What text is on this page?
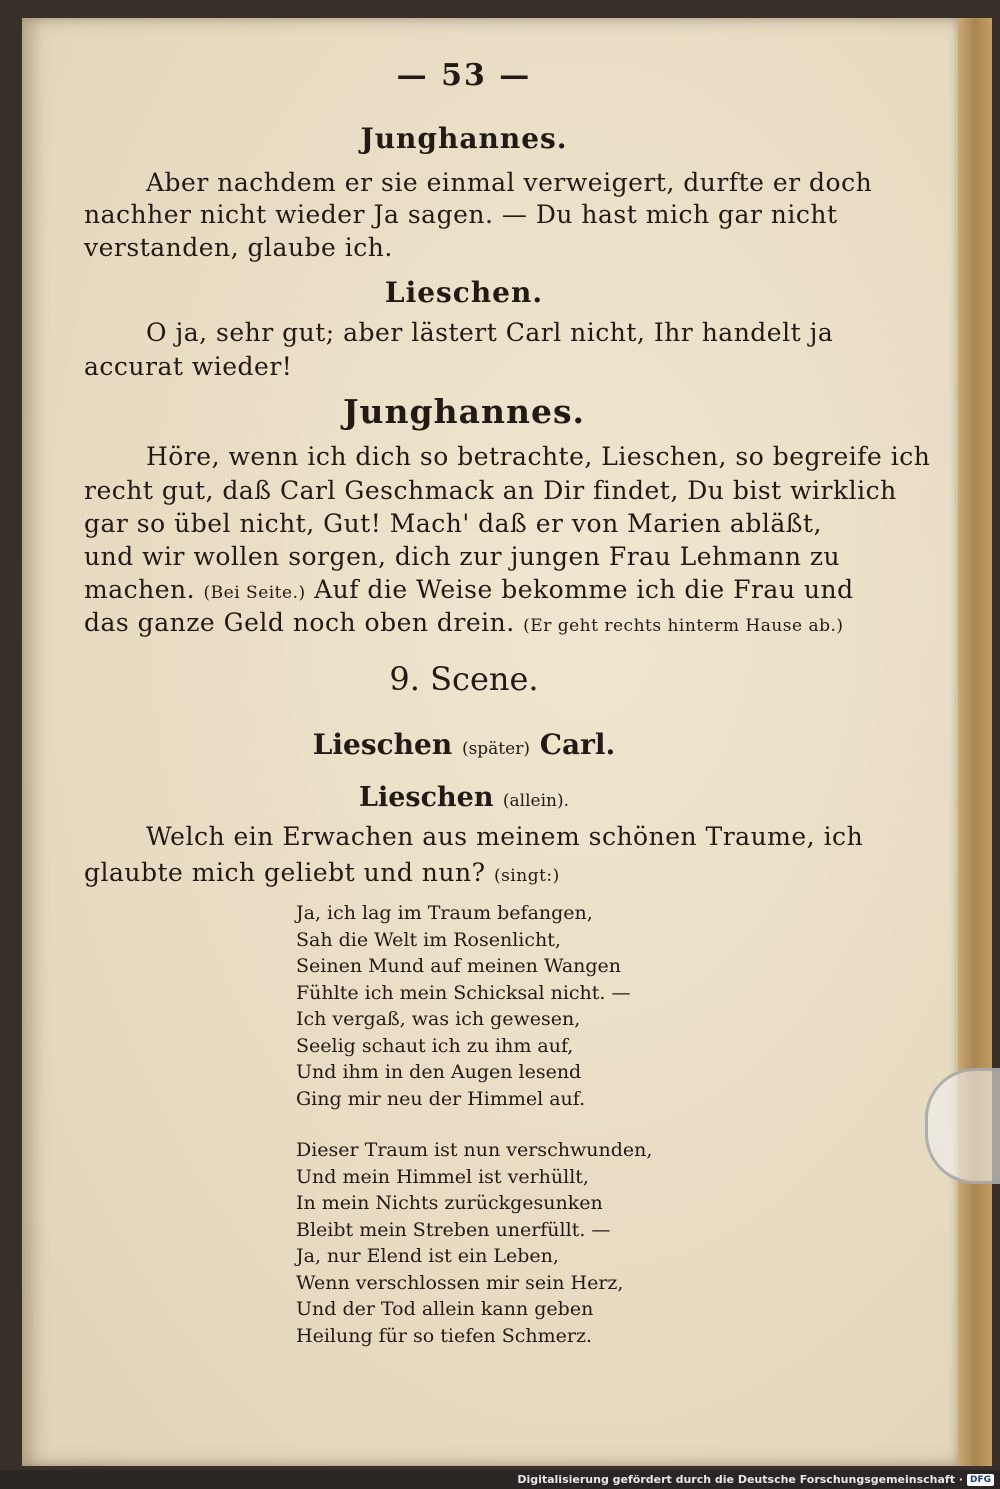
— 53 —
Junghannes.
Aber nachdem er sie einmal verweigert, durfte er doch
nachher nicht wieder Ja sagen. — Du hast mich gar nicht
verstanden, glaube ich.
Lieschen.
O ja, sehr gut; aber lästert Carl nicht, Ihr handelt ja
accurat wieder!
Junghannes.
Höre, wenn ich dich so betrachte, Lieschen, so begreife ich
recht gut, daß Carl Geschmack an Dir findet, Du bist wirklich
gar so übel nicht, Gut! Mach' daß er von Marien abläßt,
und wir wollen sorgen, dich zur jungen Frau Lehmann zu
machen. (Bei Seite.) Auf die Weise bekomme ich die Frau und
das ganze Geld noch oben drein. (Er geht rechts hinterm Hause ab.)
9. Scene.
Lieschen (später) Carl.
Lieschen (allein).
Welch ein Erwachen aus meinem schönen Traume, ich
glaubte mich geliebt und nun? (singt:)
Ja, ich lag im Traum befangen,
Sah die Welt im Rosenlicht,
Seinen Mund auf meinen Wangen
Fühlte ich mein Schicksal nicht. —
Ich vergaß, was ich gewesen,
Seelig schaut ich zu ihm auf,
Und ihm in den Augen lesend
Ging mir neu der Himmel auf.
Dieser Traum ist nun verschwunden,
Und mein Himmel ist verhüllt,
In mein Nichts zurückgesunken
Bleibt mein Streben unerfüllt. —
Ja, nur Elend ist ein Leben,
Wenn verschlossen mir sein Herz,
Und der Tod allein kann geben
Heilung für so tiefen Schmerz.
Digitalisierung gefördert durch die Deutsche Forschungsgemeinschaft · DFG
